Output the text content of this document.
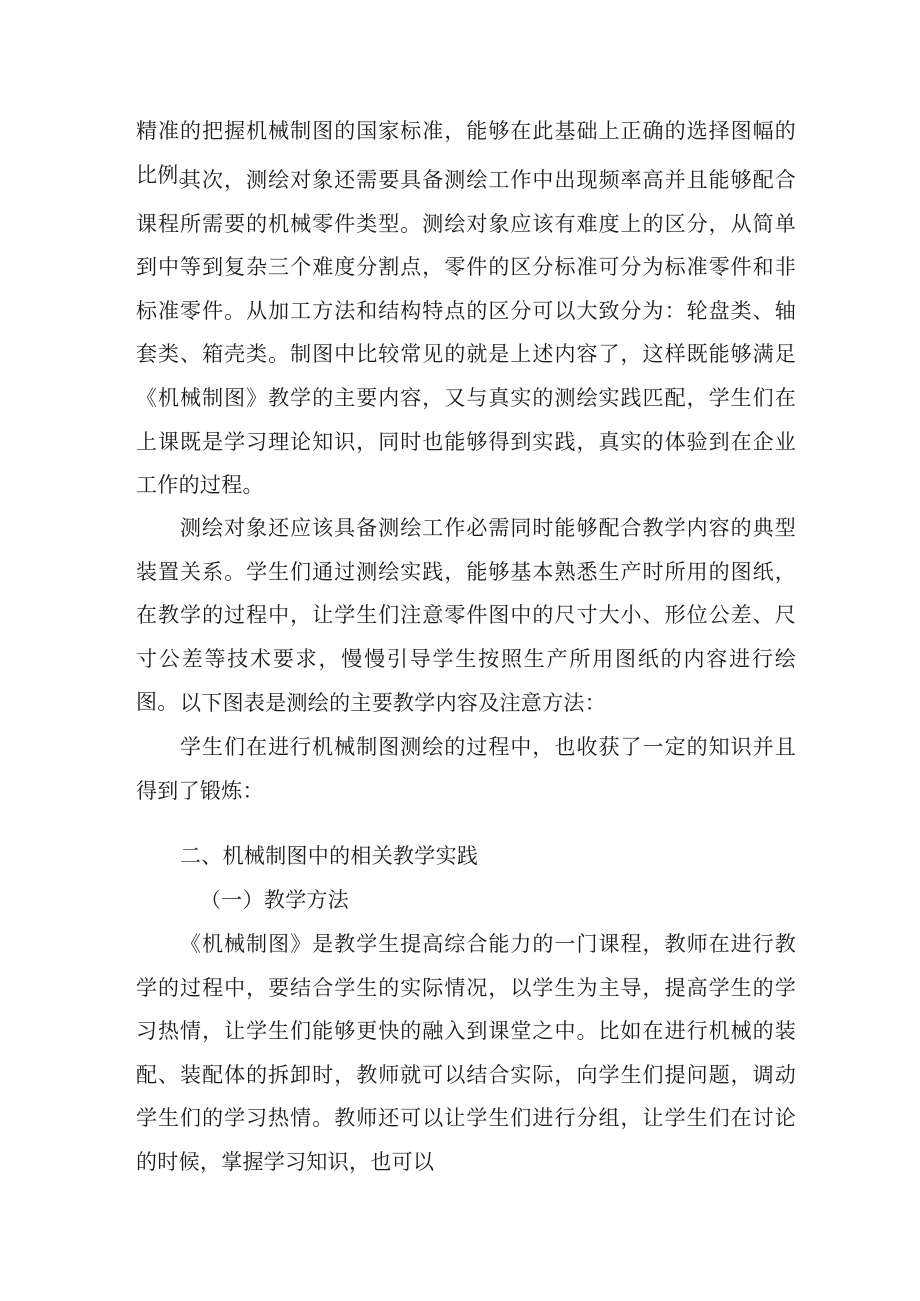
精准的把握机械制图的国家标准，能够在此基础上正确的选择图幅的比例。

其次，测绘对象还需要具备测绘工作中出现频率高并且能够配合课程所需要的机械零件类型。测绘对象应该有难度上的区分，从简单到中等到复杂三个难度分割点，零件的区分标准可分为标准零件和非标准零件。从加工方法和结构特点的区分可以大致分为：轮盘类、轴套类、箱壳类。制图中比较常见的就是上述内容了，这样既能够满足《机械制图》教学的主要内容，又与真实的测绘实践匹配，学生们在上课既是学习理论知识，同时也能够得到实践，真实的体验到在企业工作的过程。

测绘对象还应该具备测绘工作必需同时能够配合教学内容的典型装置关系。学生们通过测绘实践，能够基本熟悉生产时所用的图纸，在教学的过程中，让学生们注意零件图中的尺寸大小、形位公差、尺寸公差等技术要求，慢慢引导学生按照生产所用图纸的内容进行绘图。 以下图表是测绘的主要教学内容及注意方法：

学生们在进行机械制图测绘的过程中，也收获了一定的知识并且得到了锻炼：

二、机械制图中的相关教学实践

（一）教学方法

《机械制图》是教学生提高综合能力的一门课程，教师在进行教学的过程中，要结合学生的实际情况，以学生为主导，提高学生的学习热情，让学生们能够更快的融入到课堂之中。比如在进行机械的装配、装配体的拆卸时，教师就可以结合实际，向学生们提问题，调动学生们的学习热情。教师还可以让学生们进行分组，让学生们在讨论的时候，掌握学习知识，也可以
